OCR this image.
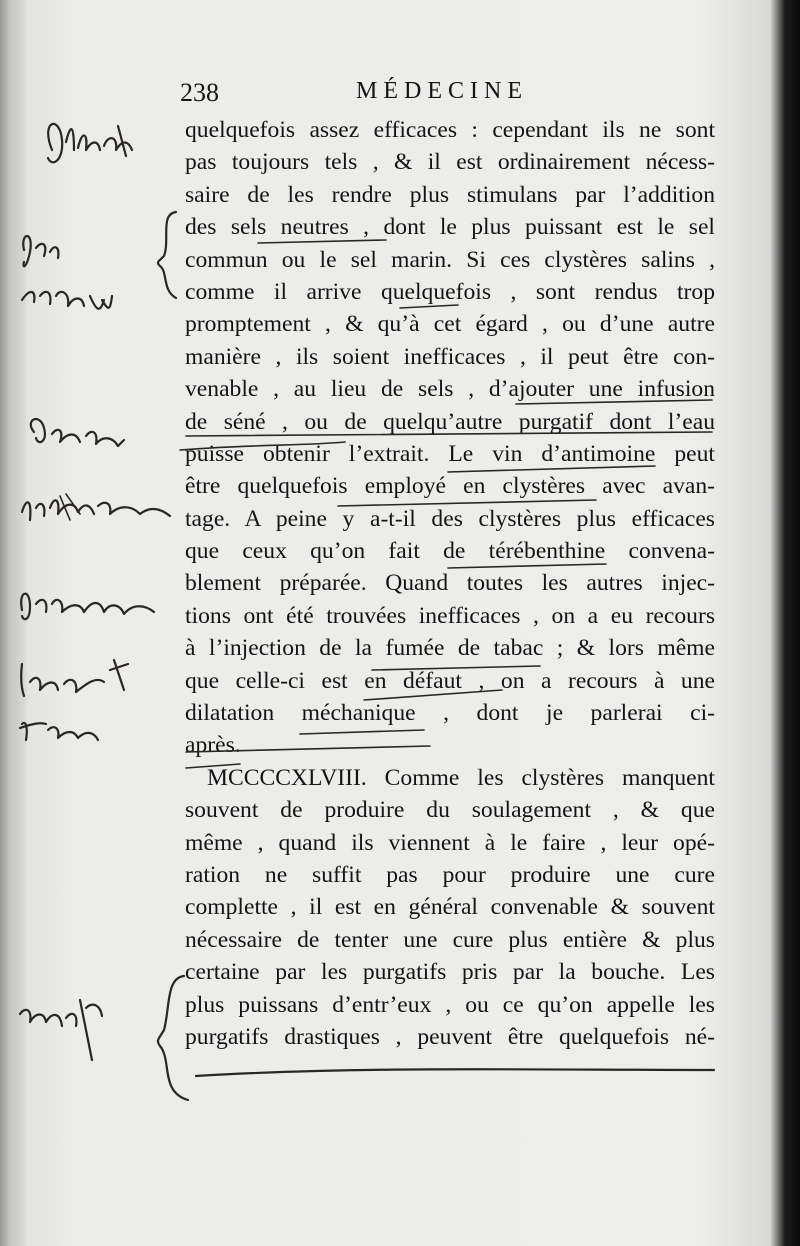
238	MÉDECINE
quelquefois assez efficaces : cependant ils ne sont
pas toujours tels , & il est ordinairement nécess-
saire de les rendre plus stimulans par l’addition
des sels neutres , dont le plus puissant est le sel
commun ou le sel marin. Si ces clystères salins ,
comme il arrive quelquefois , sont rendus trop
promptement , & qu’à cet égard , ou d’une autre
manière , ils soient inefficaces , il peut être con-
venable , au lieu de sels , d’ajouter une infusion
de séné , ou de quelqu’autre purgatif dont l’eau
puisse obtenir l’extrait. Le vin d’antimoine peut
être quelquefois employé en clystères avec avan-
tage. A peine y a-t-il des clystères plus efficaces
que ceux qu’on fait de térébenthine convena-
blement préparée. Quand toutes les autres injec-
tions ont été trouvées inefficaces , on a eu recours
à l’injection de la fumée de tabac ; & lors même
que celle-ci est en défaut , on a recours à une
dilatation méchanique , dont je parlerai ci-
après.
MCCCCXLVIII. Comme les clystères manquent
souvent de produire du soulagement , & que
même , quand ils viennent à le faire , leur opé-
ration ne suffit pas pour produire une cure
complette , il est en général convenable & souvent
nécessaire de tenter une cure plus entière & plus
certaine par les purgatifs pris par la bouche. Les
plus puissans d’entr’eux , ou ce qu’on appelle les
purgatifs drastiques , peuvent être quelquefois né-
